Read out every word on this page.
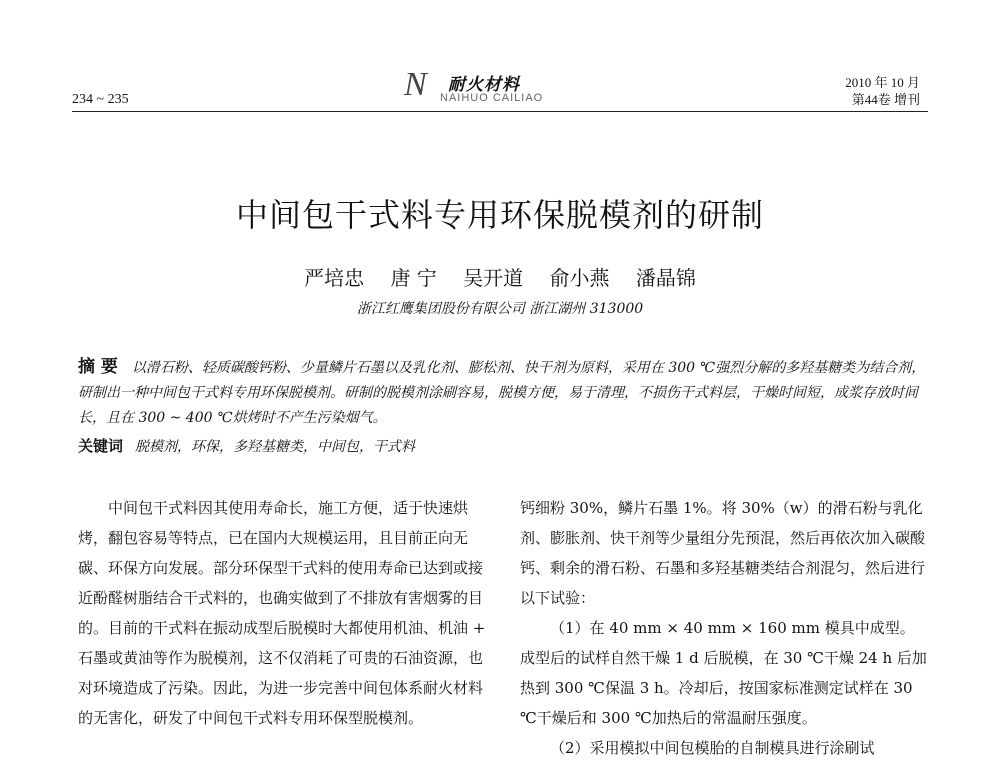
234 ~ 235	N 耐火材料
NAIHUO CAILIAO
2010 年 10 月
第44卷 增刊
中间包干式料专用环保脱模剂的研制
严培忠 唐 宁 吴开道 俞小燕 潘晶锦
浙江红鹰集团股份有限公司 浙江湖州 313000
摘 要 以滑石粉、轻质碳酸钙粉、少量鳞片石墨以及乳化剂、膨松剂、快干剂为原料，采用在 300 ℃强烈分解的多羟基糖类为结合剂，研制出一种中间包干式料专用环保脱模剂。研制的脱模剂涂刷容易，脱模方便，易于清理，不损伤干式料层，干燥时间短，成浆存放时间长，且在 300 ~ 400 ℃烘烤时不产生污染烟气。
关键词 脱模剂，环保，多羟基糖类，中间包，干式料

中间包干式料因其使用寿命长，施工方便，适于快速烘烤，翻包容易等特点，已在国内大规模运用，且目前正向无碳、环保方向发展。部分环保型干式料的使用寿命已达到或接近酚醛树脂结合干式料的，也确实做到了不排放有害烟雾的目的。目前的干式料在振动成型后脱模时大都使用机油、机油 + 石墨或黄油等作为脱模剂，这不仅消耗了可贵的石油资源，也对环境造成了污染。因此，为进一步完善中间包体系耐火材料的无害化，研发了中间包干式料专用环保型脱模剂。

钙细粉 30%，鳞片石墨 1%。将 30%（w）的滑石粉与乳化剂、膨胀剂、快干剂等少量组分先预混，然后再依次加入碳酸钙、剩余的滑石粉、石墨和多羟基糖类结合剂混匀，然后进行以下试验：

（1）在 40 mm × 40 mm × 160 mm 模具中成型。成型后的试样自然干燥 1 d 后脱模，在 30 ℃干燥 24 h 后加热到 300 ℃保温 3 h。冷却后，按国家标准测定试样在 30 ℃干燥后和 300 ℃加热后的常温耐压强度。

（2）采用模拟中间包模胎的自制模具进行涂刷试
